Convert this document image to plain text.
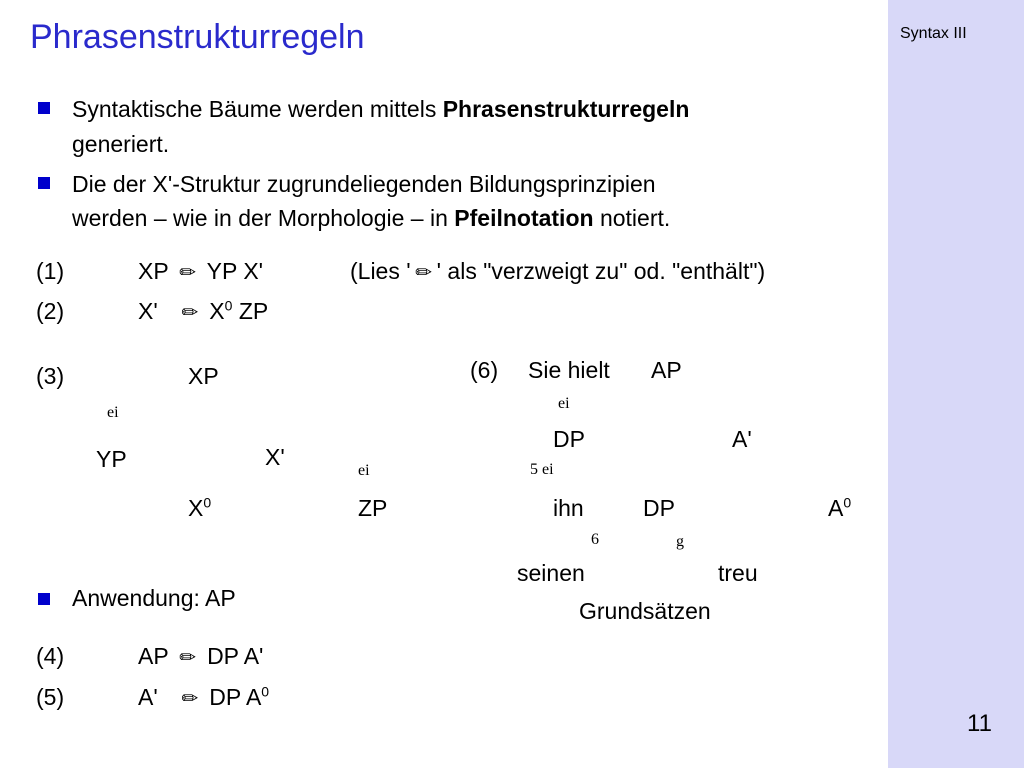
Syntax III
11
Phrasenstrukturregeln
Syntaktische Bäume werden mittels Phrasenstrukturregeln
generiert.
Die der X'-Struktur zugrundeliegenden Bildungsprinzipien
werden – wie in der Morphologie – in Pfeilnotation notiert.
(1)	XP ✏ YP X'	(Lies ' ✏ ' als "verzweigt zu" od. "enthält")
(2)	X' ✏ $X^0$ ZP
(3)	XP
ei
YP	X'
ei
$X^0$	ZP
Anwendung: AP
(4)	AP ✏ DP A'
(5)	A' ✏ DP $A^0$
(6) Sie hielt AP
ei
DP	A'
5 ei
ihn	DP	$A^0$
6	g
seinen	treu
Grundsätzen
